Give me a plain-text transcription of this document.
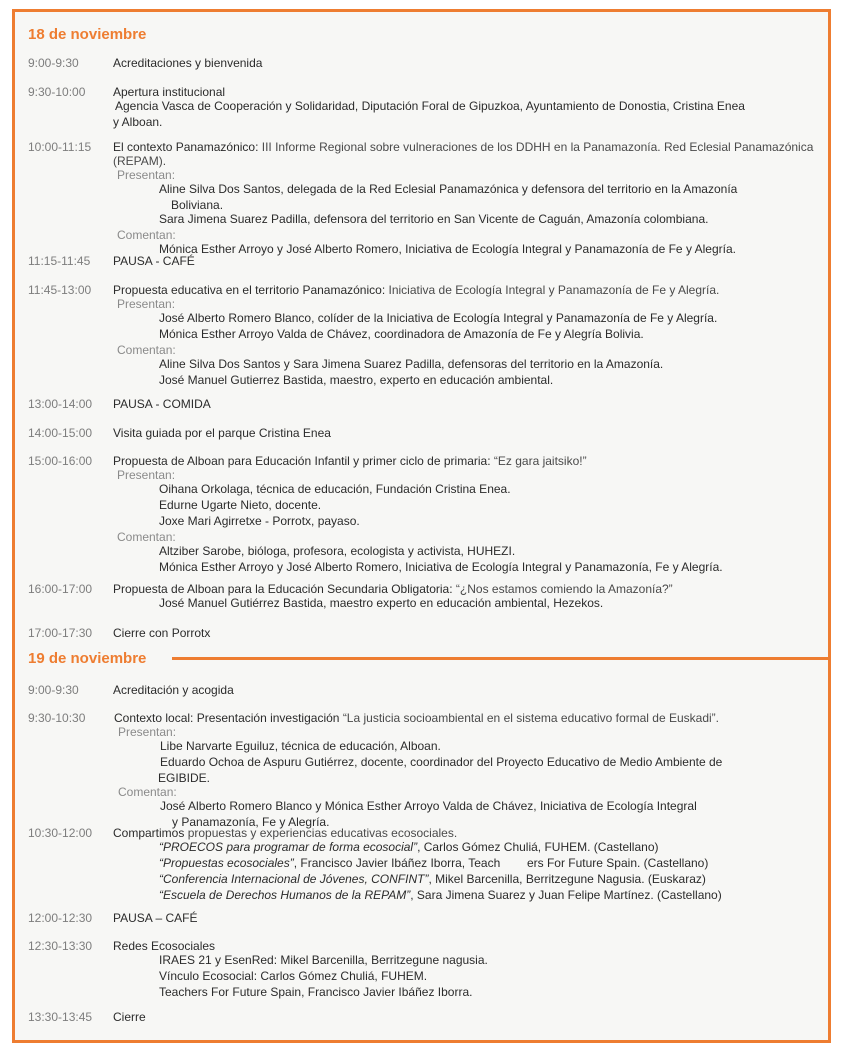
18 de noviembre
9:00-9:30	Acreditaciones y bienvenida
9:30-10:00 Apertura institucional
Agencia Vasca de Cooperación y Solidaridad, Diputación Foral de Gipuzkoa, Ayuntamiento de Donostia, Cristina Enea
y Alboan.
10:00-11:15 El contexto Panamazónico: III Informe Regional sobre vulneraciones de los DDHH en la Panamazonía. Red Eclesial Panamazónica (REPAM).
Presentan:
Aline Silva Dos Santos, delegada de la Red Eclesial Panamazónica y defensora del territorio en la Amazonía
Boliviana.
Sara Jimena Suarez Padilla, defensora del territorio en San Vicente de Caguán, Amazonía colombiana.
Comentan:
Mónica Esther Arroyo y José Alberto Romero, Iniciativa de Ecología Integral y Panamazonía de Fe y Alegría.
11:15-11:45 PAUSA - CAFÉ
11:45-13:00 Propuesta educativa en el territorio Panamazónico: Iniciativa de Ecología Integral y Panamazonía de Fe y Alegría.
Presentan:
José Alberto Romero Blanco, colíder de la Iniciativa de Ecología Integral y Panamazonía de Fe y Alegría.
Mónica Esther Arroyo Valda de Chávez, coordinadora de Amazonía de Fe y Alegría Bolivia.
Comentan:
Aline Silva Dos Santos y Sara Jimena Suarez Padilla, defensoras del territorio en la Amazonía.
José Manuel Gutierrez Bastida, maestro, experto en educación ambiental.
13:00-14:00 PAUSA - COMIDA
14:00-15:00 Visita guiada por el parque Cristina Enea
15:00-16:00 Propuesta de Alboan para Educación Infantil y primer ciclo de primaria: “Ez gara jaitsiko!”
Presentan:
Oihana Orkolaga, técnica de educación, Fundación Cristina Enea.
Edurne Ugarte Nieto, docente.
Joxe Mari Agirretxe - Porrotx, payaso.
Comentan:
Altziber Sarobe, bióloga, profesora, ecologista y activista, HUHEZI.
Mónica Esther Arroyo y José Alberto Romero, Iniciativa de Ecología Integral y Panamazonía, Fe y Alegría.
16:00-17:00 Propuesta de Alboan para la Educación Secundaria Obligatoria: “¿Nos estamos comiendo la Amazonía?”
José Manuel Gutiérrez Bastida, maestro experto en educación ambiental, Hezekos.
17:00-17:30 Cierre con Porrotx
19 de noviembre
9:00-9:30	Acreditación y acogida
9:30-10:30 Contexto local: Presentación investigación “La justicia socioambiental en el sistema educativo formal de Euskadi”.
Presentan:
Libe Narvarte Eguiluz, técnica de educación, Alboan.
Eduardo Ochoa de Aspuru Gutiérrez, docente, coordinador del Proyecto Educativo de Medio Ambiente de
EGIBIDE.
Comentan:
José Alberto Romero Blanco y Mónica Esther Arroyo Valda de Chávez, Iniciativa de Ecología Integral
y Panamazonía, Fe y Alegría.
10:30-12:00 Compartimos propuestas y experiencias educativas ecosociales.
“PROECOS para programar de forma ecosocial”, Carlos Gómez Chuliá, FUHEM. (Castellano)
“Propuestas ecosociales”, Francisco Javier Ibáñez Iborra, Teach        ers For Future Spain. (Castellano)
“Conferencia Internacional de Jóvenes, CONFINT”, Mikel Barcenilla, Berritzegune Nagusia. (Euskaraz)
“Escuela de Derechos Humanos de la REPAM”, Sara Jimena Suarez y Juan Felipe Martínez. (Castellano)
12:00-12:30 PAUSA – CAFÉ
12:30-13:30 Redes Ecosociales
IRAES 21 y EsenRed: Mikel Barcenilla, Berritzegune nagusia.
Vínculo Ecosocial: Carlos Gómez Chuliá, FUHEM.
Teachers For Future Spain, Francisco Javier Ibáñez Iborra.
13:30-13:45 Cierre
